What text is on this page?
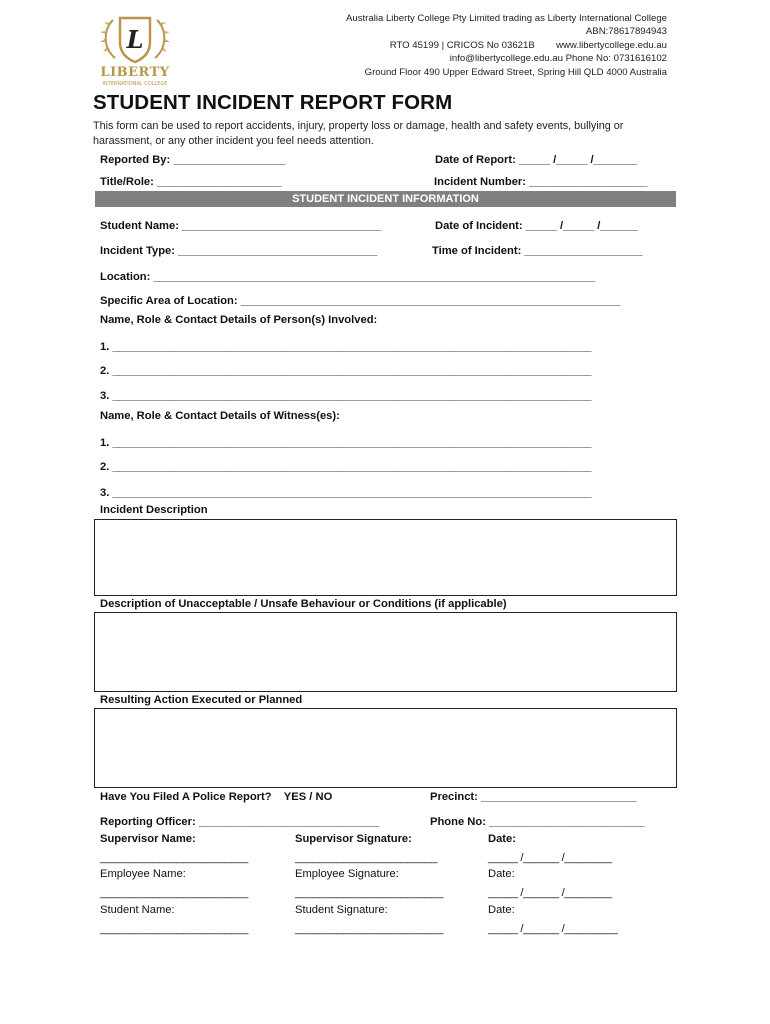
L
LIBERTY
INTERNATIONAL COLLEGE
Australia Liberty College Pty Limited trading as Liberty International College
ABN:78617894943
RTO 45199 | CRICOS No 03621B        www.libertycollege.edu.au
info@libertycollege.edu.au Phone No: 0731616102
Ground Floor 490 Upper Edward Street, Spring Hill QLD 4000 Australia
STUDENT INCIDENT REPORT FORM
This form can be used to report accidents, injury, property loss or damage, health and safety events, bullying or harassment, or any other incident you feel needs attention.
Reported By: __________________	Date of Report: _____ /_____ /_______
Title/Role: ____________________	Incident Number: ___________________
STUDENT INCIDENT INFORMATION
Student Name: ________________________________	Date of Incident: _____ /_____ /______
Incident Type: ________________________________	Time of Incident: ___________________
Location: _______________________________________________________________________
Specific Area of Location: _____________________________________________________________
Name, Role & Contact Details of Person(s) Involved:
1. _____________________________________________________________________________
2. _____________________________________________________________________________
3. _____________________________________________________________________________
Name, Role & Contact Details of Witness(es):
1. _____________________________________________________________________________
2. _____________________________________________________________________________
3. _____________________________________________________________________________
Incident Description
Description of Unacceptable / Unsafe Behaviour or Conditions (if applicable)
Resulting Action Executed or Planned
Have You Filed A Police Report?    YES / NO	Precinct: _________________________
Reporting Officer: _____________________________	Phone No: _________________________
Supervisor Name:	Supervisor Signature:	Date:
_________________________	________________________	_____ /______ /________
Employee Name:	Employee Signature:	Date:
_________________________	_________________________	_____ /______ /________
Student Name:	Student Signature:	Date:
_________________________	_________________________	_____ /______ /_________
